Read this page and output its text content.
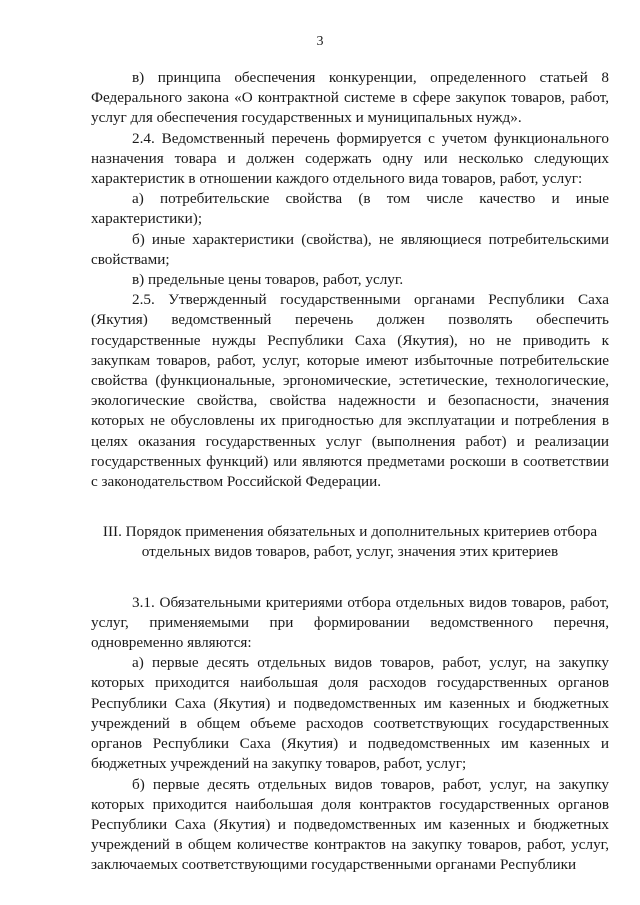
3

в) принципа обеспечения конкуренции, определенного статьей 8 Федерального закона «О контрактной системе в сфере закупок товаров, работ, услуг для обеспечения государственных и муниципальных нужд».

2.4. Ведомственный перечень формируется с учетом функционального назначения товара и должен содержать одну или несколько следующих характеристик в отношении каждого отдельного вида товаров, работ, услуг:

а) потребительские свойства (в том числе качество и иные характеристики);

б) иные характеристики (свойства), не являющиеся потребительскими свойствами;

в) предельные цены товаров, работ, услуг.

2.5. Утвержденный государственными органами Республики Саха (Якутия) ведомственный перечень должен позволять обеспечить государственные нужды Республики Саха (Якутия), но не приводить к закупкам товаров, работ, услуг, которые имеют избыточные потребительские свойства (функциональные, эргономические, эстетические, технологические, экологические свойства, свойства надежности и безопасности, значения которых не обусловлены их пригодностью для эксплуатации и потребления в целях оказания государственных услуг (выполнения работ) и реализации государственных функций) или являются предметами роскоши в соответствии с законодательством Российской Федерации.

III. Порядок применения обязательных и дополнительных критериев отбора отдельных видов товаров, работ, услуг, значения этих критериев

3.1. Обязательными критериями отбора отдельных видов товаров, работ, услуг, применяемыми при формировании ведомственного перечня, одновременно являются:

а) первые десять отдельных видов товаров, работ, услуг, на закупку которых приходится наибольшая доля расходов государственных органов Республики Саха (Якутия) и подведомственных им казенных и бюджетных учреждений в общем объеме расходов соответствующих государственных органов Республики Саха (Якутия) и подведомственных им казенных и бюджетных учреждений на закупку товаров, работ, услуг;

б) первые десять отдельных видов товаров, работ, услуг, на закупку которых приходится наибольшая доля контрактов государственных органов Республики Саха (Якутия) и подведомственных им казенных и бюджетных учреждений в общем количестве контрактов на закупку товаров, работ, услуг, заключаемых соответствующими государственными органами Республики
